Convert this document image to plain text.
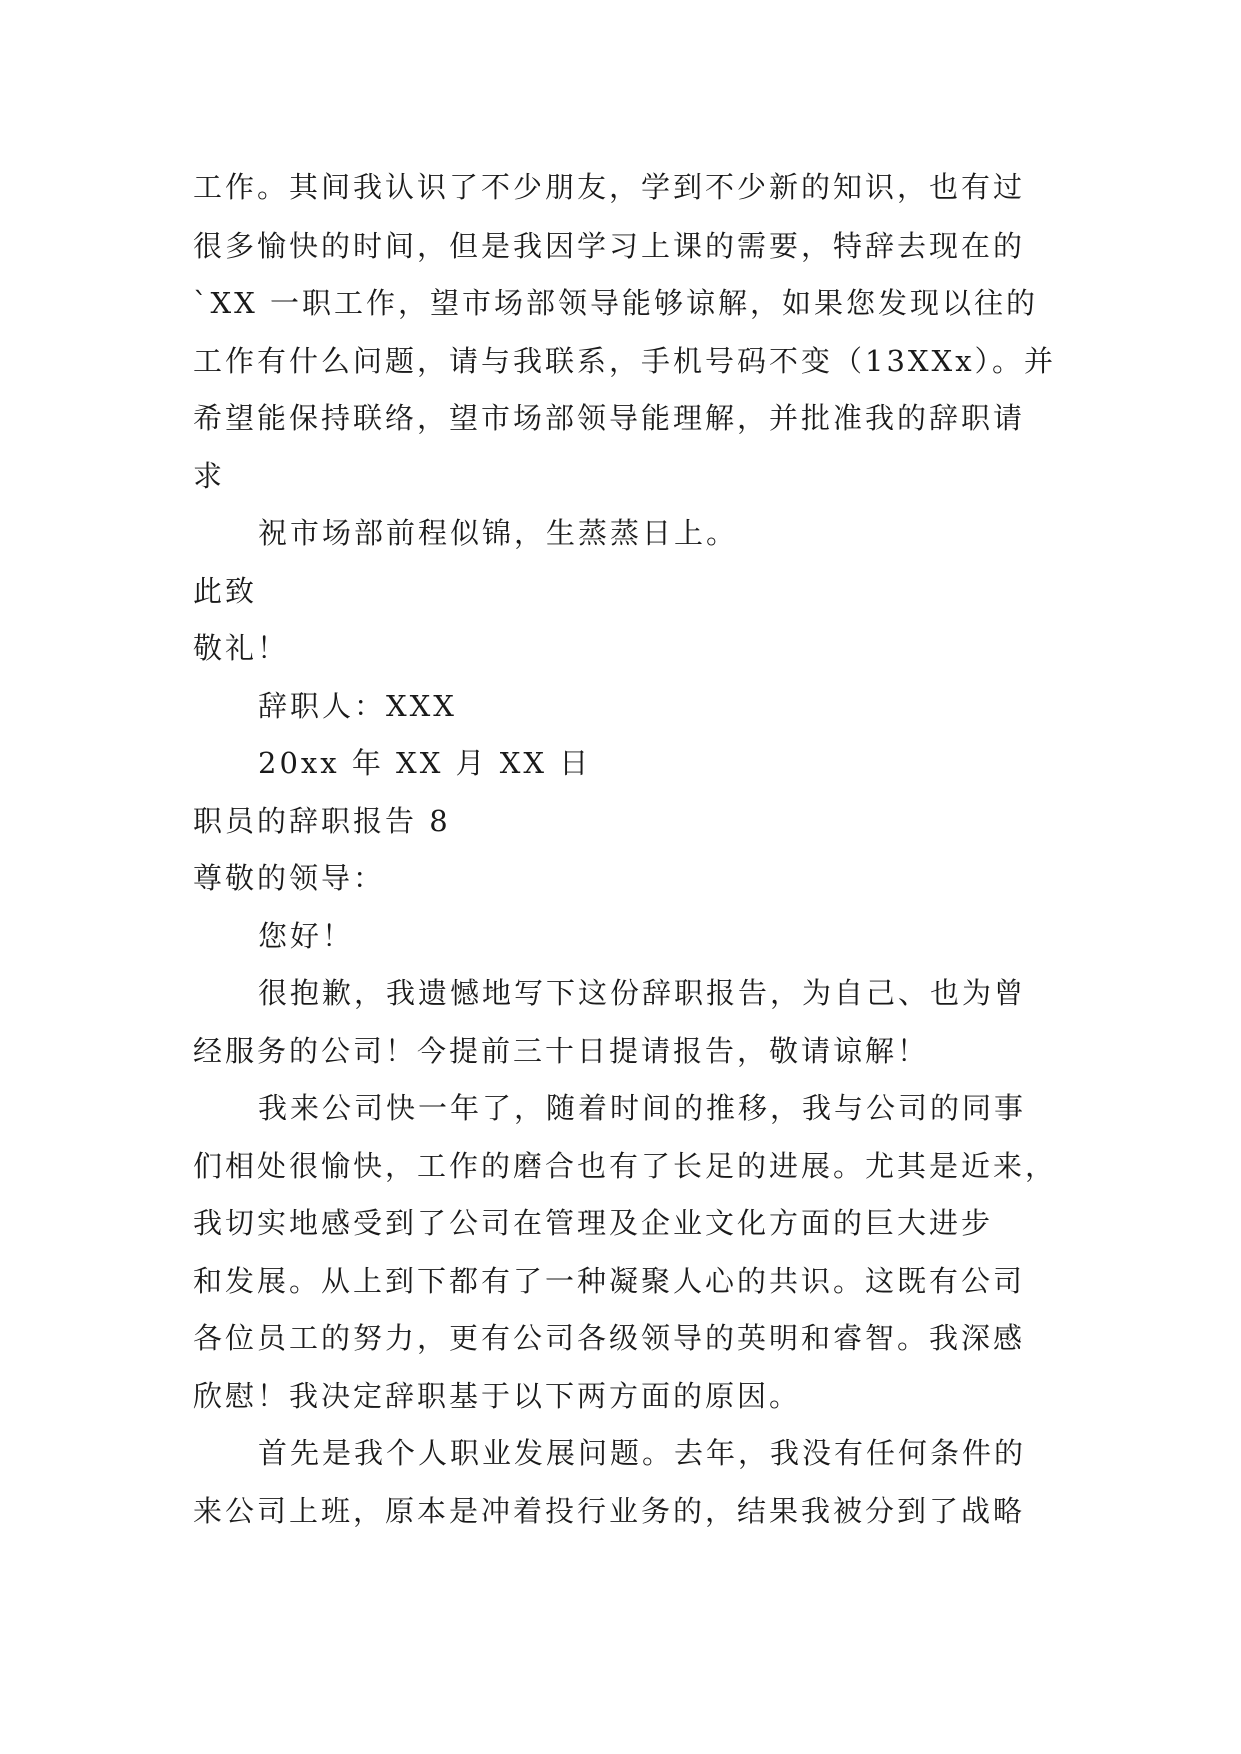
工作。其间我认识了不少朋友，学到不少新的知识，也有过
很多愉快的时间，但是我因学习上课的需要，特辞去现在的
`XX 一职工作，望市场部领导能够谅解，如果您发现以往的
工作有什么问题，请与我联系，手机号码不变（13XXx）。并
希望能保持联络，望市场部领导能理解，并批准我的辞职请
求
祝市场部前程似锦，生蒸蒸日上。
此致
敬礼！
辞职人：XXX
20xx 年 XX 月 XX 日
职员的辞职报告 8
尊敬的领导：
您好！
很抱歉，我遗憾地写下这份辞职报告，为自己、也为曾
经服务的公司！今提前三十日提请报告，敬请谅解！
我来公司快一年了，随着时间的推移，我与公司的同事
们相处很愉快，工作的磨合也有了长足的进展。尤其是近来，
我切实地感受到了公司在管理及企业文化方面的巨大进步
和发展。从上到下都有了一种凝聚人心的共识。这既有公司
各位员工的努力，更有公司各级领导的英明和睿智。我深感
欣慰！我决定辞职基于以下两方面的原因。
首先是我个人职业发展问题。去年，我没有任何条件的
来公司上班，原本是冲着投行业务的，结果我被分到了战略
